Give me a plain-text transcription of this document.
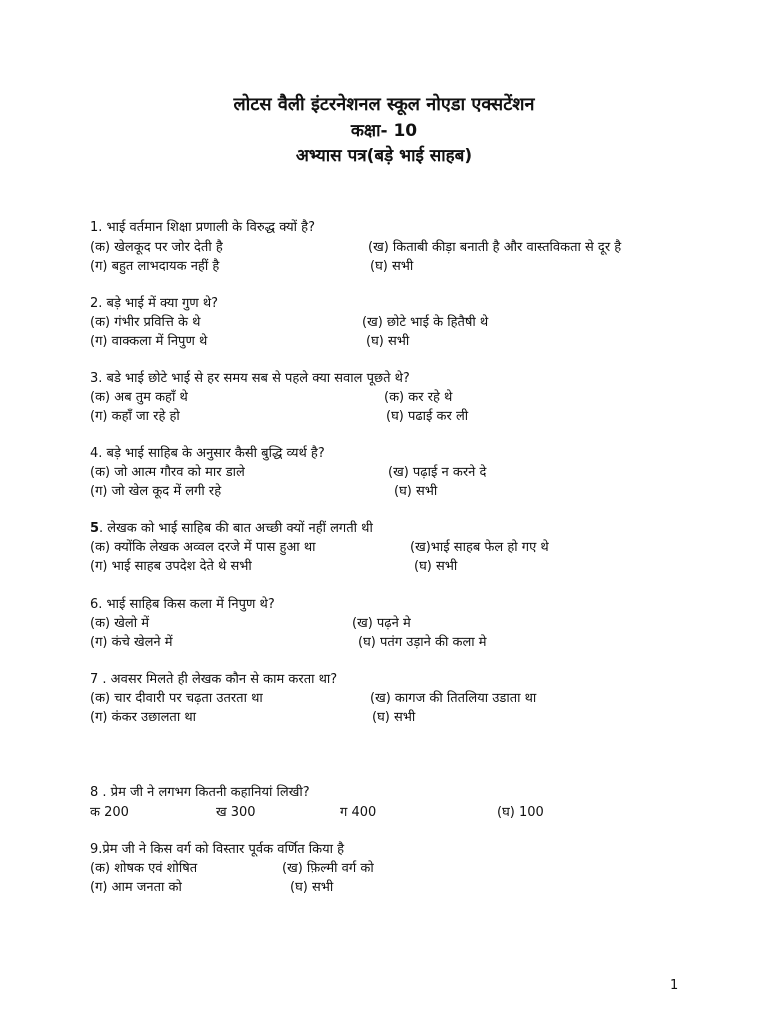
लोटस वैली इंटरनेशनल स्कूल नोएडा एक्सटेंशन
कक्षा- 10
अभ्यास पत्र(बड़े भाई साहब)
1. भाई वर्तमान शिक्षा प्रणाली के विरुद्ध क्यों है?
(क) खेलकूद पर जोर देती है	(ख) किताबी कीड़ा बनाती है और वास्तविकता से दूर है
(ग) बहुत लाभदायक नहीं है	(घ) सभी
2. बड़े भाई में क्या गुण थे?
(क) गंभीर प्रवित्ति के थे	(ख) छोटे भाई के हितैषी थे
(ग) वाक्कला में निपुण थे	(घ) सभी
3. बडे भाई छोटे भाई से हर समय सब से पहले क्या सवाल पूछते थे?
(क) अब तुम कहाँ थे	(क) कर रहे थे
(ग) कहाँ जा रहे हो	(घ) पढाई कर ली
4. बड़े भाई साहिब के अनुसार कैसी बुद्धि व्यर्थ है?
(क) जो आत्म गौरव को मार डाले	(ख) पढ़ाई न करने दे
(ग) जो खेल कूद में लगी रहे	(घ) सभी
5. लेखक को भाई साहिब की बात अच्छी क्यों नहीं लगती थी
(क) क्योंकि लेखक अव्वल दरजे में पास हुआ था	(ख)भाई साहब फेल हो गए थे
(ग) भाई साहब उपदेश देते थे सभी	(घ) सभी
6. भाई साहिब किस कला में निपुण थे?
(क) खेलो में	(ख) पढ़ने मे
(ग) कंचे खेलने में	(घ) पतंग उड़ाने की कला मे
7 . अवसर मिलते ही लेखक कौन से काम करता था?
(क) चार दीवारी पर चढ़ता उतरता था	(ख) कागज की तितलिया उडाता था
(ग) कंकर उछालता था	(घ) सभी
8 . प्रेम जी ने लगभग कितनी कहानियां लिखी?
क 200	ख 300	ग 400	(घ) 100
9.प्रेम जी ने किस वर्ग को विस्तार पूर्वक वर्णित किया है
(क) शोषक एवं शोषित	(ख) फ़िल्मी वर्ग को
(ग) आम जनता को	(घ) सभी
1
